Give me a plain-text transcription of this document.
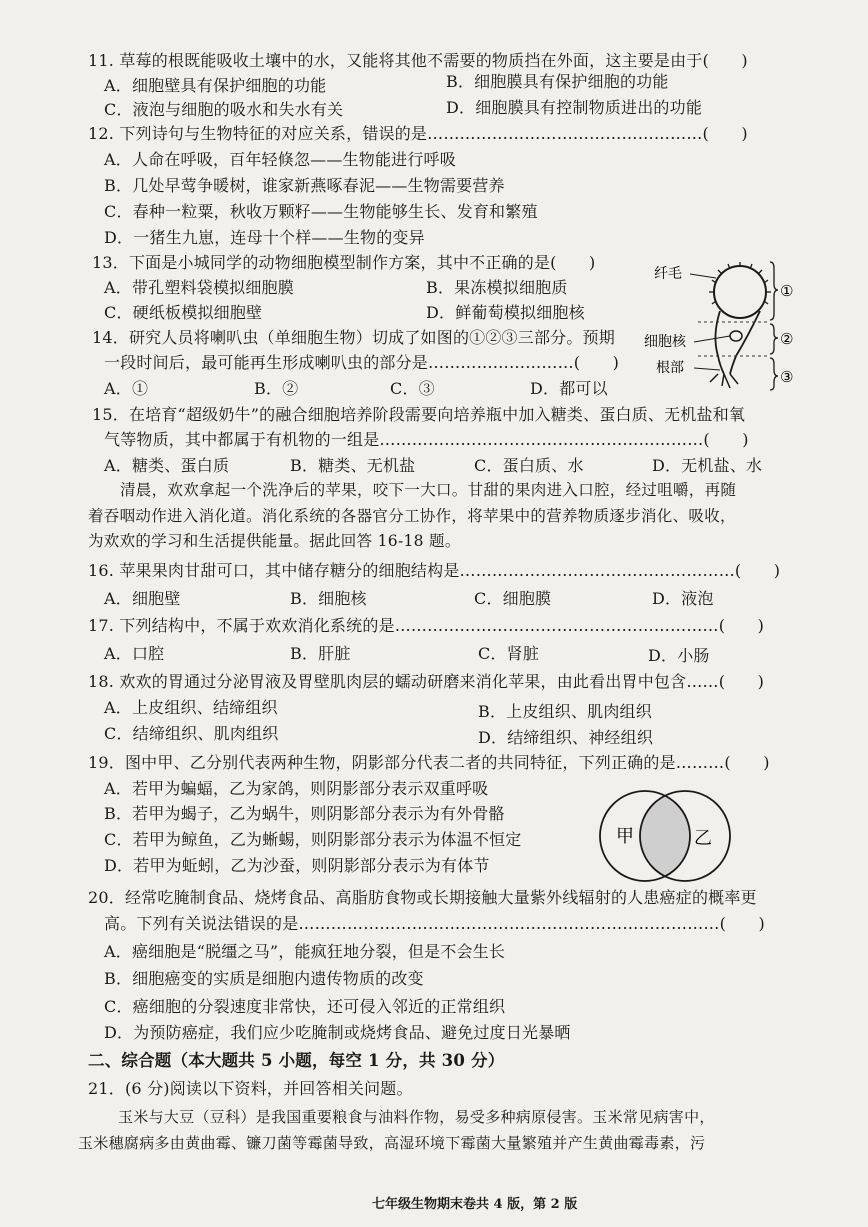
11. 草莓的根既能吸收土壤中的水，又能将其他不需要的物质挡在外面，这主要是由于(　　)
A．细胞壁具有保护细胞的功能	B．细胞膜具有保护细胞的功能
C．液泡与细胞的吸水和失水有关	D．细胞膜具有控制物质进出的功能
12. 下列诗句与生物特征的对应关系，错误的是……………………………………………(　　)
A．人命在呼吸，百年轻倏忽——生物能进行呼吸
B．几处早莺争暖树，谁家新燕啄春泥——生物需要营养
C．春种一粒粟，秋收万颗籽——生物能够生长、发育和繁殖
D．一猪生九崽，连母十个样——生物的变异
13．下面是小城同学的动物细胞模型制作方案，其中不正确的是(　　)
A．带孔塑料袋模拟细胞膜	B．果冻模拟细胞质
C．硬纸板模拟细胞壁	D．鲜葡萄模拟细胞核
14．研究人员将喇叭虫（单细胞生物）切成了如图的①②③三部分。预期
一段时间后，最可能再生形成喇叭虫的部分是………………………(　　)
A．①	B．②	C．③	D．都可以
15．在培育“超级奶牛”的融合细胞培养阶段需要向培养瓶中加入糖类、蛋白质、无机盐和氧
气等物质，其中都属于有机物的一组是……………………………………………………(　　)
A．糖类、蛋白质	B．糖类、无机盐	C．蛋白质、水	D．无机盐、水
清晨，欢欢拿起一个洗净后的苹果，咬下一大口。甘甜的果肉进入口腔，经过咀嚼，再随
着吞咽动作进入消化道。消化系统的各器官分工协作，将苹果中的营养物质逐步消化、吸收，
为欢欢的学习和生活提供能量。据此回答 16-18 题。
16. 苹果果肉甘甜可口，其中储存糖分的细胞结构是……………………………………………(　　)
A．细胞壁	B．细胞核	C．细胞膜	D．液泡
17. 下列结构中，不属于欢欢消化系统的是……………………………………………………(　　)
A．口腔	B．肝脏	C．肾脏	D．小肠
18. 欢欢的胃通过分泌胃液及胃壁肌肉层的蠕动研磨来消化苹果，由此看出胃中包含……(　　)
A．上皮组织、结缔组织	B．上皮组织、肌肉组织
C．结缔组织、肌肉组织	D．结缔组织、神经组织
19．图中甲、乙分别代表两种生物，阴影部分代表二者的共同特征，下列正确的是………(　　)
A．若甲为蝙蝠，乙为家鸽，则阴影部分表示双重呼吸
B．若甲为蝎子，乙为蜗牛，则阴影部分表示为有外骨骼
C．若甲为鲸鱼，乙为蜥蜴，则阴影部分表示为体温不恒定
D．若甲为蚯蚓，乙为沙蚕，则阴影部分表示为有体节
20．经常吃腌制食品、烧烤食品、高脂肪食物或长期接触大量紫外线辐射的人患癌症的概率更
高。下列有关说法错误的是……………………………………………………………………(　　)
A．癌细胞是“脱缰之马”，能疯狂地分裂，但是不会生长
B．细胞癌变的实质是细胞内遗传物质的改变
C．癌细胞的分裂速度非常快，还可侵入邻近的正常组织
D．为预防癌症，我们应少吃腌制或烧烤食品、避免过度日光暴晒
二、综合题（本大题共 5 小题，每空 1 分，共 30 分）
21．(6 分)阅读以下资料，并回答相关问题。
玉米与大豆（豆科）是我国重要粮食与油料作物，易受多种病原侵害。玉米常见病害中，
玉米穗腐病多由黄曲霉、镰刀菌等霉菌导致，高湿环境下霉菌大量繁殖并产生黄曲霉毒素，污
七年级生物期末卷共 4 版，第 2 版
纤毛
细胞核
根部
①
②
③
甲	乙
